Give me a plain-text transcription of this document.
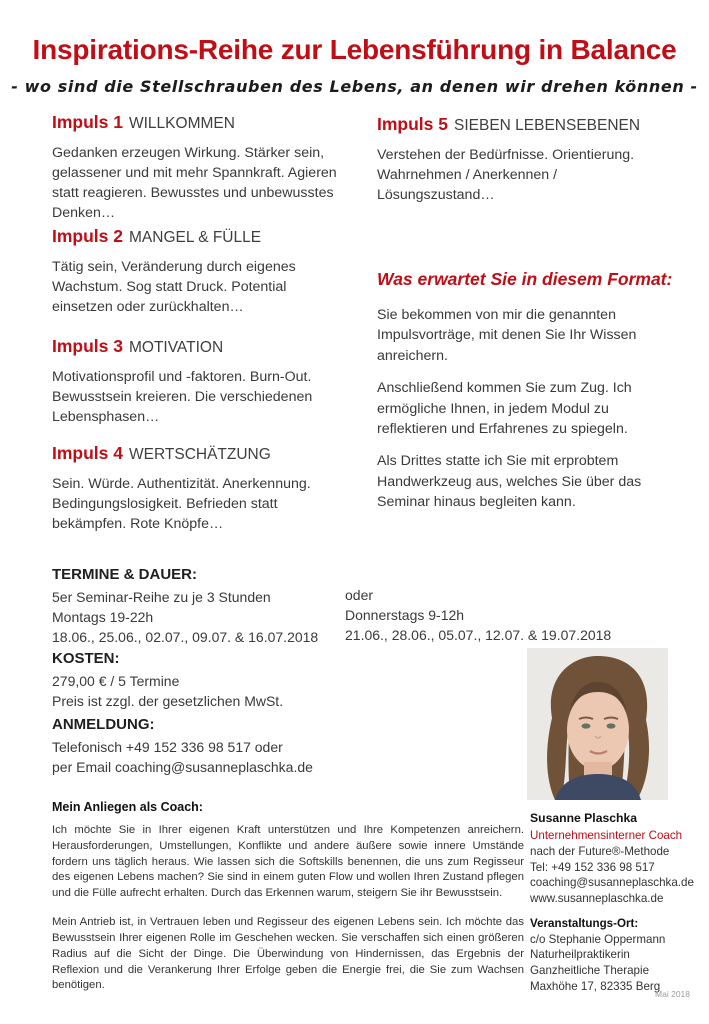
Inspirations-Reihe zur Lebensführung in Balance

- wo sind die Stellschrauben des Lebens, an denen wir drehen können -

Impuls 1 WILLKOMMEN

Gedanken erzeugen Wirkung. Stärker sein, gelassener und mit mehr Spannkraft. Agieren statt reagieren. Bewusstes und unbewusstes Denken…

Impuls 2 MANGEL & FÜLLE

Tätig sein, Veränderung durch eigenes Wachstum. Sog statt Druck. Potential einsetzen oder zurückhalten…

Impuls 3 MOTIVATION

Motivationsprofil und -faktoren. Burn-Out. Bewusstsein kreieren. Die verschiedenen Lebensphasen…

Impuls 4 WERTSCHÄTZUNG

Sein. Würde. Authentizität. Anerkennung. Bedingungslosigkeit. Befrieden statt bekämpfen. Rote Knöpfe…

Impuls 5 SIEBEN LEBENSEBENEN

Verstehen der Bedürfnisse. Orientierung. Wahrnehmen / Anerkennen / Lösungszustand…

Was erwartet Sie in diesem Format:

Sie bekommen von mir die genannten Impulsvorträge, mit denen Sie Ihr Wissen anreichern.

Anschließend kommen Sie zum Zug. Ich ermögliche Ihnen, in jedem Modul zu reflektieren und Erfahrenes zu spiegeln.

Als Drittes statte ich Sie mit erprobtem Handwerkzeug aus, welches Sie über das Seminar hinaus begleiten kann.

TERMINE & DAUER:
5er Seminar-Reihe zu je 3 Stunden
Montags 19-22h
18.06., 25.06., 02.07., 09.07. & 16.07.2018
oder
Donnerstags 9-12h
21.06., 28.06., 05.07., 12.07. & 19.07.2018
KOSTEN:
279,00 € / 5 Termine
Preis ist zzgl. der gesetzlichen MwSt.
ANMELDUNG:
Telefonisch +49 152 336 98 517 oder
per Email coaching@susanneplaschka.de
Mein Anliegen als Coach:

Ich möchte Sie in Ihrer eigenen Kraft unterstützen und Ihre Kompetenzen anreichern. Herausforderungen, Umstellungen, Konflikte und andere äußere sowie innere Umstände fordern uns täglich heraus. Wie lassen sich die Softskills benennen, die uns zum Regisseur des eigenen Lebens machen? Sie sind in einem guten Flow und wollen Ihren Zustand pflegen und die Fülle aufrecht erhalten. Durch das Erkennen warum, steigern Sie ihr Bewusstsein.

Mein Antrieb ist, in Vertrauen leben und Regisseur des eigenen Lebens sein. Ich möchte das Bewusstsein Ihrer eigenen Rolle im Geschehen wecken. Sie verschaffen sich einen größeren Radius auf die Sicht der Dinge. Die Überwindung von Hindernissen, das Ergebnis der Reflexion und die Verankerung Ihrer Erfolge geben die Energie frei, die Sie zum Wachsen benötigen.

Susanne Plaschka
Unternehmensinterner Coach
nach der Future®-Methode
Tel: +49 152 336 98 517
coaching@susanneplaschka.de
www.susanneplaschka.de
Veranstaltungs-Ort:
c/o Stephanie Oppermann
Naturheilpraktikerin
Ganzheitliche Therapie
Maxhöhe 17, 82335 Berg
Mai 2018
